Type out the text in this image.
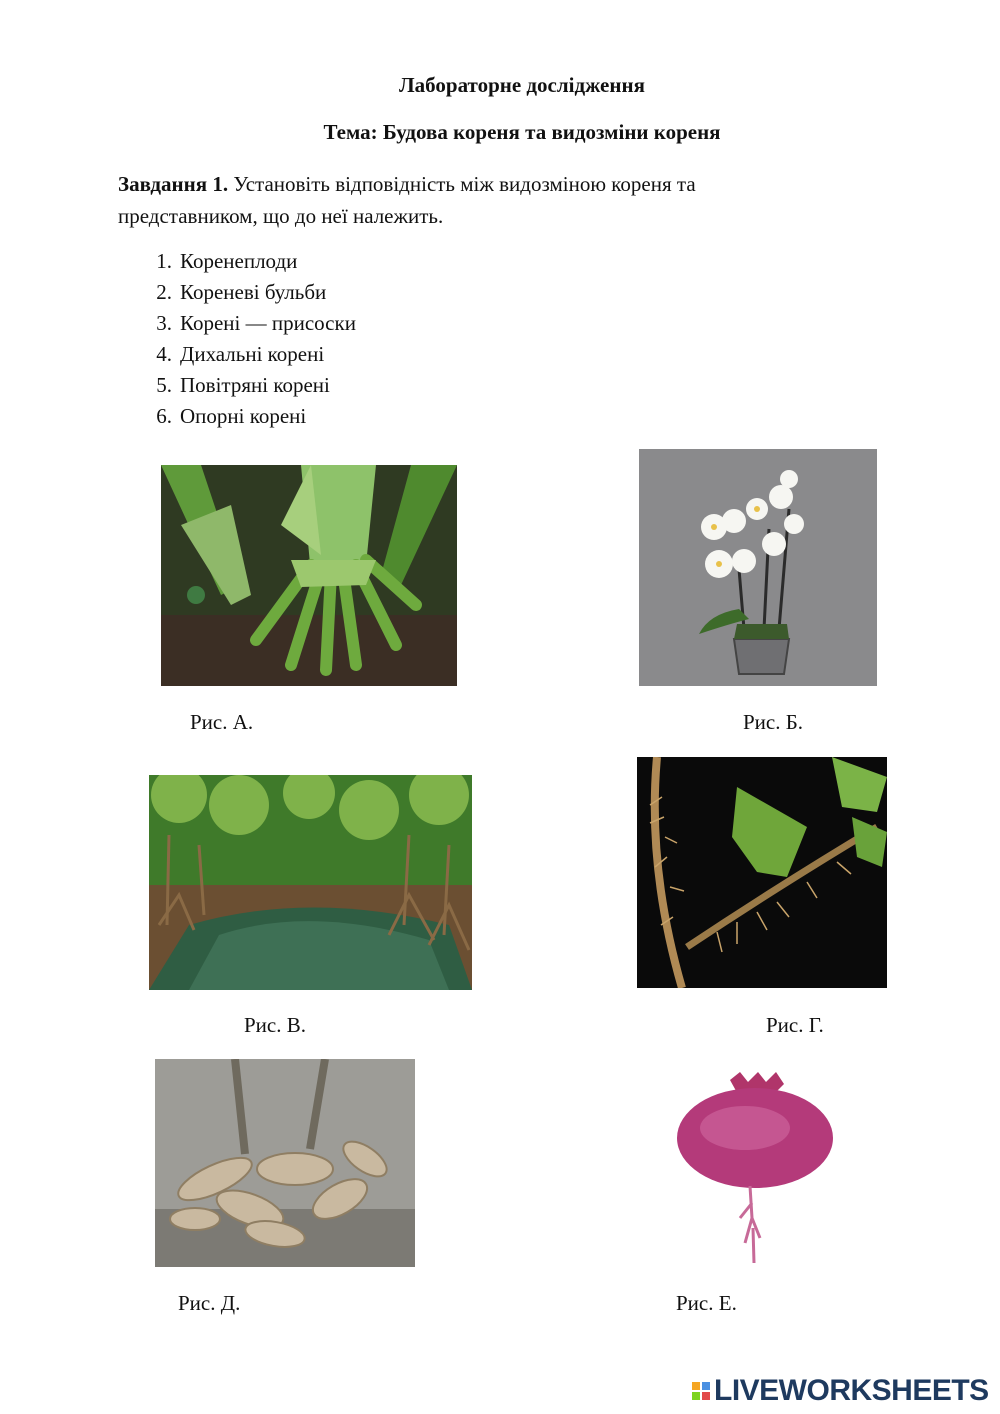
Лабораторне дослідження
Тема: Будова кореня та видозміни кореня
Завдання 1. Установіть відповідність між видозміною кореня та представником, що до неї належить.
1. Коренеплоди
2. Кореневі бульби
3. Корені — присоски
4. Дихальні корені
5. Повітряні корені
6. Опорні корені
Рис. А.	Рис. Б.
Рис. В.	Рис. Г.
Рис. Д.	Рис. Е.
LIVEWORKSHEETS
